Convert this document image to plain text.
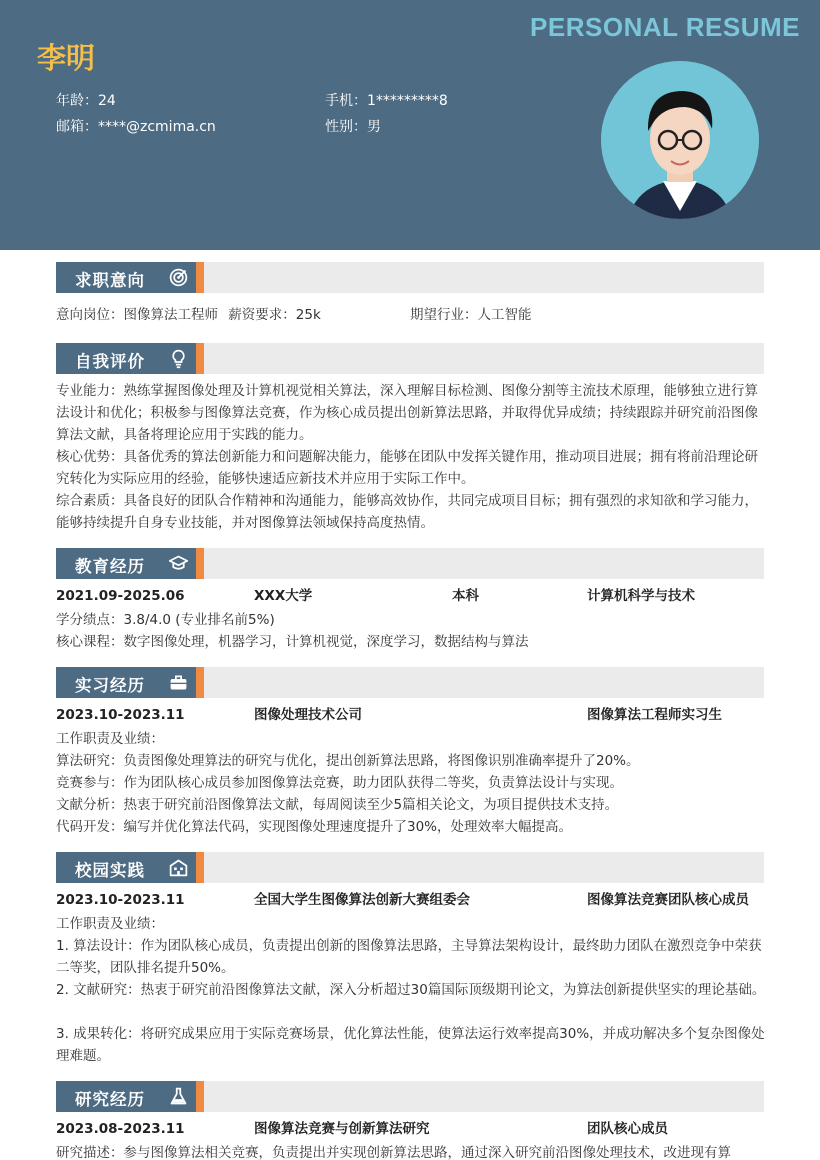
PERSONAL RESUME
李明
年龄：24	手机：1*********8
邮箱：****@zcmima.cn	性别：男
求职意向
意向岗位：图像算法工程师 薪资要求：25k	期望行业：人工智能
自我评价
专业能力：熟练掌握图像处理及计算机视觉相关算法，深入理解目标检测、图像分割等主流技术原理，能够独立进行算法设计和优化；积极参与图像算法竞赛，作为核心成员提出创新算法思路，并取得优异成绩；持续跟踪并研究前沿图像算法文献，具备将理论应用于实践的能力。
核心优势：具备优秀的算法创新能力和问题解决能力，能够在团队中发挥关键作用，推动项目进展；拥有将前沿理论研究转化为实际应用的经验，能够快速适应新技术并应用于实际工作中。
综合素质：具备良好的团队合作精神和沟通能力，能够高效协作，共同完成项目目标；拥有强烈的求知欲和学习能力，能够持续提升自身专业技能，并对图像算法领域保持高度热情。
教育经历
2021.09-2025.06	XXX大学	本科	计算机科学与技术
学分绩点：3.8/4.0 (专业排名前5%)
核心课程：数字图像处理，机器学习，计算机视觉，深度学习，数据结构与算法
实习经历
2023.10-2023.11	图像处理技术公司	图像算法工程师实习生
工作职责及业绩：
算法研究：负责图像处理算法的研究与优化，提出创新算法思路，将图像识别准确率提升了20%。
竞赛参与：作为团队核心成员参加图像算法竞赛，助力团队获得二等奖，负责算法设计与实现。
文献分析：热衷于研究前沿图像算法文献，每周阅读至少5篇相关论文，为项目提供技术支持。
代码开发：编写并优化算法代码，实现图像处理速度提升了30%，处理效率大幅提高。
校园实践
2023.10-2023.11	全国大学生图像算法创新大赛组委会	图像算法竞赛团队核心成员
工作职责及业绩：
1. 算法设计：作为团队核心成员，负责提出创新的图像算法思路，主导算法架构设计，最终助力团队在激烈竞争中荣获二等奖，团队排名提升50%。
2. 文献研究：热衷于研究前沿图像算法文献，深入分析超过30篇国际顶级期刊论文，为算法创新提供坚实的理论基础。
3. 成果转化：将研究成果应用于实际竞赛场景，优化算法性能，使算法运行效率提高30%，并成功解决多个复杂图像处理难题。
研究经历
2023.08-2023.11	图像算法竞赛与创新算法研究	团队核心成员
研究描述：参与图像算法相关竞赛，负责提出并实现创新算法思路，通过深入研究前沿图像处理技术，改进现有算
